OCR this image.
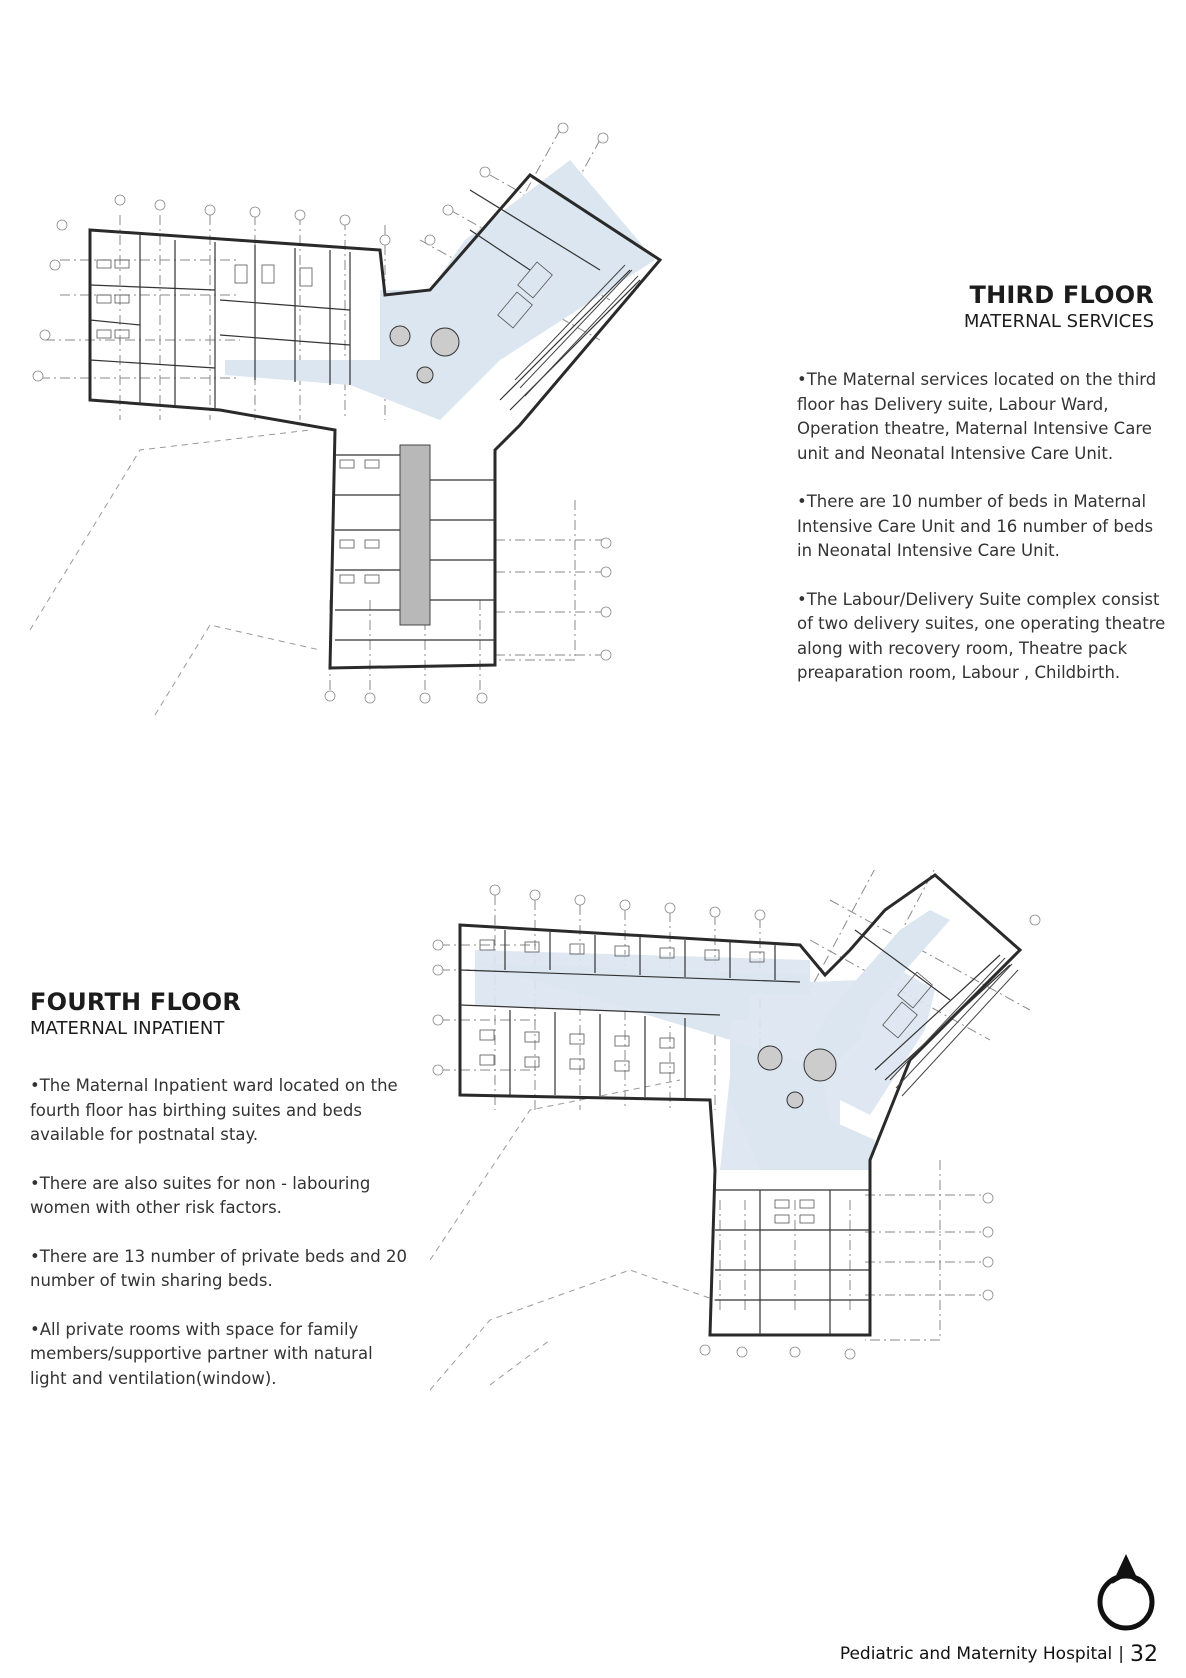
THIRD FLOOR
MATERNAL SERVICES

•The Maternal services located on the third floor has Delivery suite, Labour Ward, Operation theatre, Maternal Intensive Care unit and Neonatal Intensive Care Unit.

•There are 10 number of beds in Maternal Intensive Care Unit and 16 number of beds in Neonatal Intensive Care Unit.

•The Labour/Delivery Suite complex consist of two delivery suites, one operating theatre along with recovery room, Theatre pack preaparation room, Labour , Childbirth.

FOURTH FLOOR
MATERNAL INPATIENT

•The Maternal Inpatient ward located on the fourth floor has birthing suites and beds available for postnatal stay.

•There are also suites for non - labouring women with other risk factors.

•There are 13 number of private beds and 20 number of twin sharing beds.

•All private rooms with space for family members/supportive partner with natural light and ventilation(window).

Pediatric and Maternity Hospital | 32
